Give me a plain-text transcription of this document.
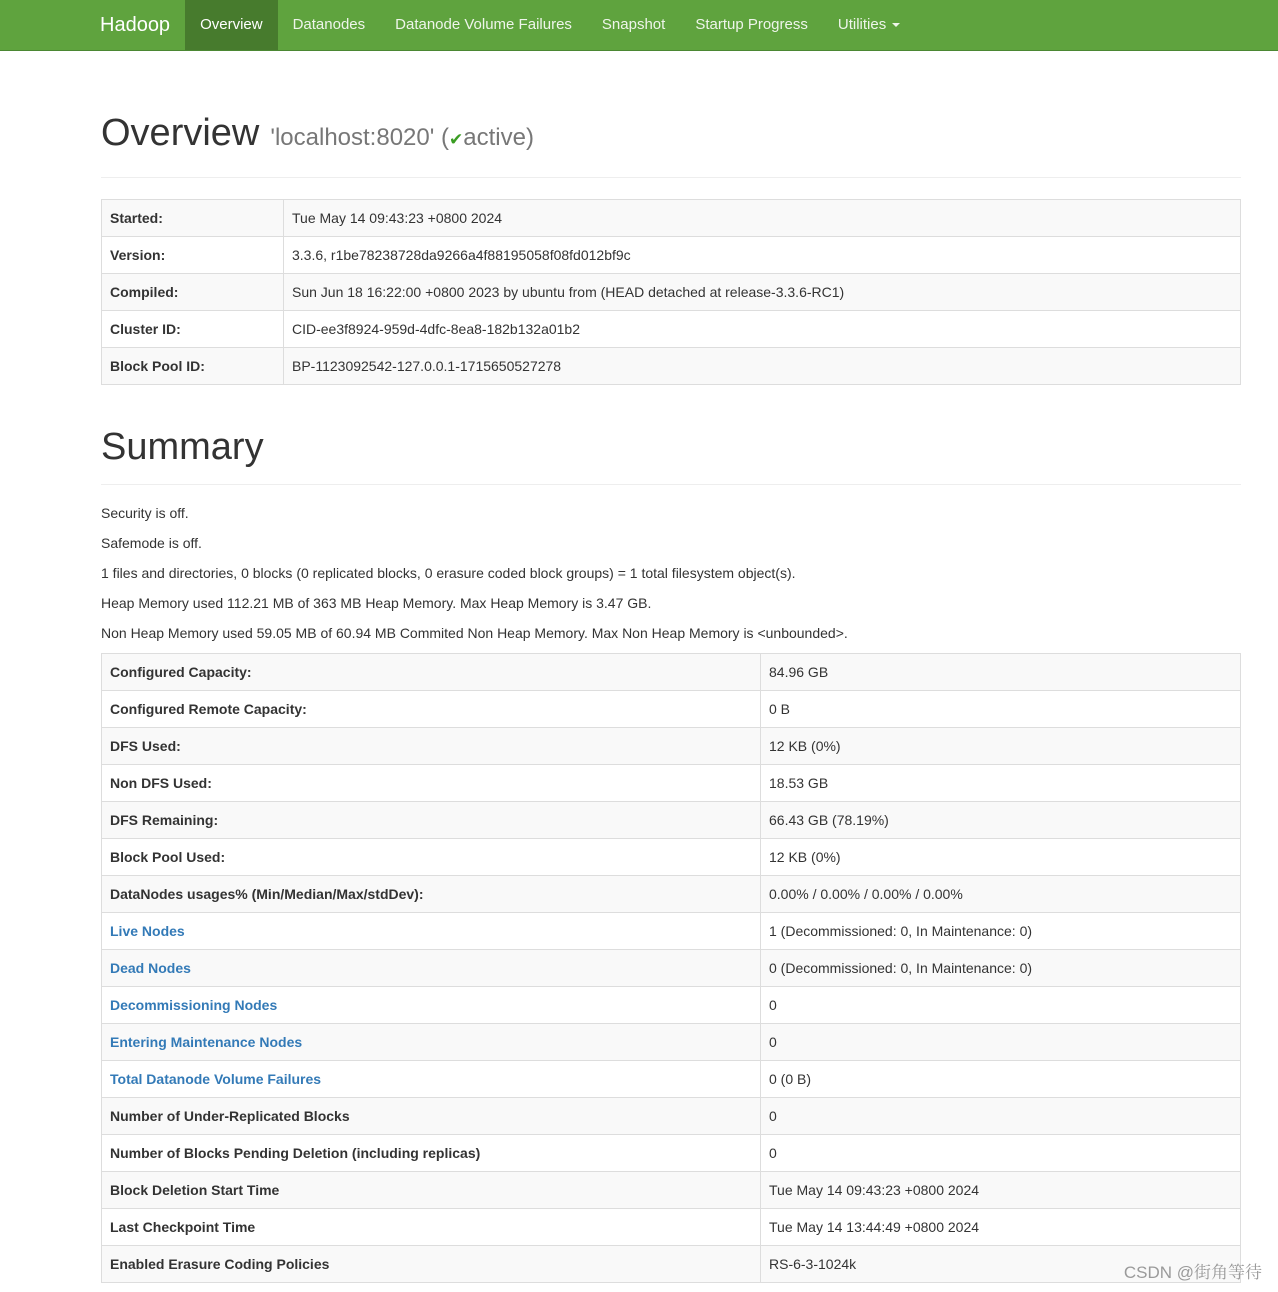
Hadoop	Overview	Datanodes	Datanode Volume Failures	Snapshot	Startup Progress	Utilities
Overview 'localhost:8020' ( ✔ active)
Started:	Tue May 14 09:43:23 +0800 2024
Version:	3.3.6, r1be78238728da9266a4f88195058f08fd012bf9c
Compiled:	Sun Jun 18 16:22:00 +0800 2023 by ubuntu from (HEAD detached at release-3.3.6-RC1)
Cluster ID:	CID-ee3f8924-959d-4dfc-8ea8-182b132a01b2
Block Pool ID:	BP-1123092542-127.0.0.1-1715650527278
Summary

Security is off.

Safemode is off.

1 files and directories, 0 blocks (0 replicated blocks, 0 erasure coded block groups) = 1 total filesystem object(s).

Heap Memory used 112.21 MB of 363 MB Heap Memory. Max Heap Memory is 3.47 GB.

Non Heap Memory used 59.05 MB of 60.94 MB Commited Non Heap Memory. Max Non Heap Memory is <unbounded>.

Configured Capacity:	84.96 GB
Configured Remote Capacity:	0 B
DFS Used:	12 KB (0%)
Non DFS Used:	18.53 GB
DFS Remaining:	66.43 GB (78.19%)
Block Pool Used:	12 KB (0%)
DataNodes usages% (Min/Median/Max/stdDev):	0.00% / 0.00% / 0.00% / 0.00%
Live Nodes	1 (Decommissioned: 0, In Maintenance: 0)
Dead Nodes	0 (Decommissioned: 0, In Maintenance: 0)
Decommissioning Nodes	0
Entering Maintenance Nodes	0
Total Datanode Volume Failures	0 (0 B)
Number of Under-Replicated Blocks	0
Number of Blocks Pending Deletion (including replicas)	0
Block Deletion Start Time	Tue May 14 09:43:23 +0800 2024
Last Checkpoint Time	Tue May 14 13:44:49 +0800 2024
Enabled Erasure Coding Policies	RS-6-3-1024k	CSDN @街角等待
